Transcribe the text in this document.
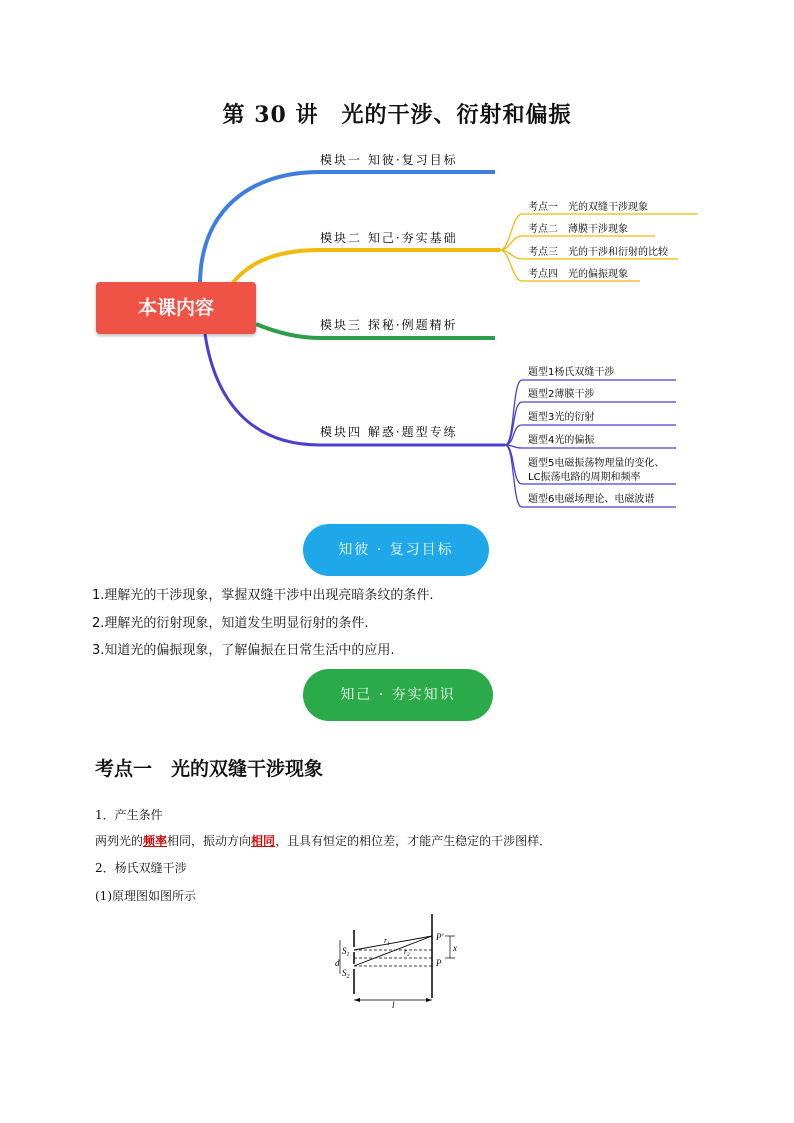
第 30 讲　光的干涉、衍射和偏振
模块一 知彼·复习目标
模块二 知己·夯实基础
模块三 探秘·例题精析
模块四 解惑·题型专练
考点一　光的双缝干涉现象
考点二　薄膜干涉现象
考点三　光的干涉和衍射的比较
考点四　光的偏振现象
题型1杨氏双缝干涉
题型2薄膜干涉
题型3光的衍射
题型4光的偏振
题型5电磁振荡物理量的变化、
LC振荡电路的周期和频率
题型6电磁场理论、电磁波谱
本课内容
知彼 · 复习目标
1.理解光的干涉现象，掌握双缝干涉中出现亮暗条纹的条件.
2.理解光的衍射现象，知道发生明显衍射的条件.
3.知道光的偏振现象，了解偏振在日常生活中的应用.
知己 · 夯实知识
考点一　光的双缝干涉现象
1．产生条件
两列光的频率相同，振动方向相同，且具有恒定的相位差，才能产生稳定的干涉图样．
2．杨氏双缝干涉
(1)原理图如图所示
$S_1$
d
$S_2$
$r_1$
$r_2$
P′
P
x
l
